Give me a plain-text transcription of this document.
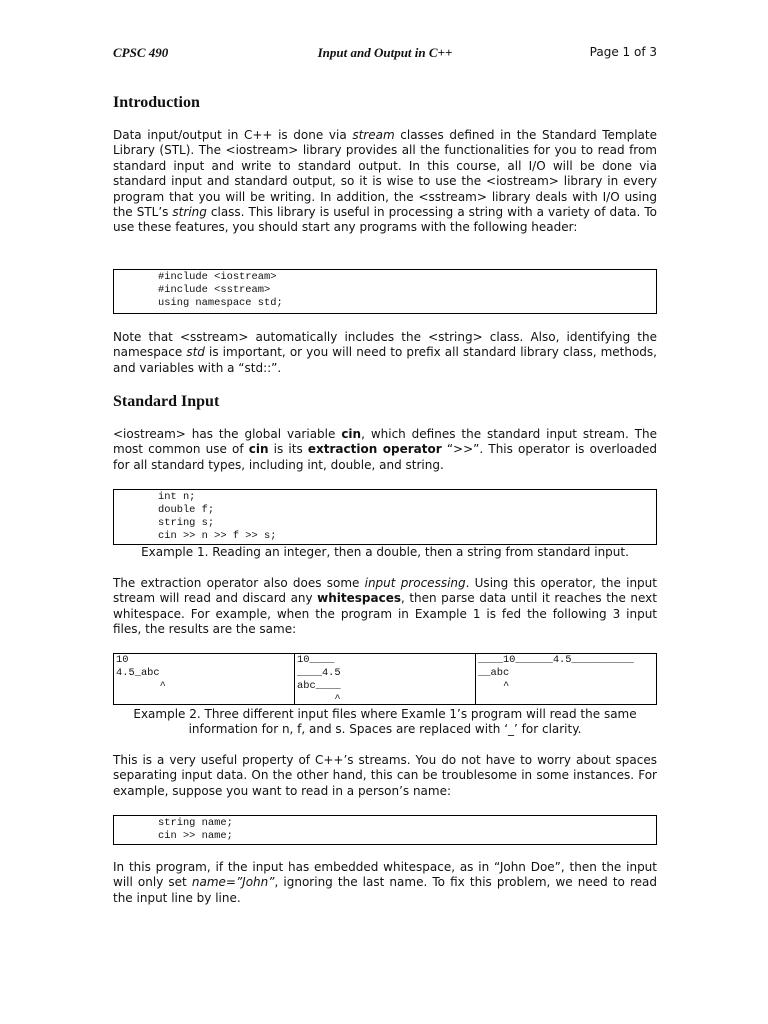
CPSC 490	Input and Output in C++	Page 1 of 3
Introduction

Data input/output in C++ is done via stream classes defined in the Standard Template Library (STL). The <iostream> library provides all the functionalities for you to read from standard input and write to standard output. In this course, all I/O will be done via standard input and standard output, so it is wise to use the <iostream> library in every program that you will be writing. In addition, the <sstream> library deals with I/O using the STL’s string class. This library is useful in processing a string with a variety of data. To use these features, you should start any programs with the following header:

#include <iostream>
#include <sstream>
using namespace std;

Note that <sstream> automatically includes the <string> class. Also, identifying the namespace std is important, or you will need to prefix all standard library class, methods, and variables with a “std::”.

Standard Input

<iostream> has the global variable cin, which defines the standard input stream. The most common use of cin is its extraction operator “>>”. This operator is overloaded for all standard types, including int, double, and string.

int n;
double f;
string s;
cin >> n >> f >> s;
Example 1. Reading an integer, then a double, then a string from standard input.

The extraction operator also does some input processing. Using this operator, the input stream will read and discard any whitespaces, then parse data until it reaches the next whitespace. For example, when the program in Example 1 is fed the following 3 input files, the results are the same:

10
4.5_abc
^
10____
____4.5
abc____
^
____10______4.5__________
__abc
^
Example 2. Three different input files where Examle 1’s program will read the same
information for n, f, and s. Spaces are replaced with ‘_’ for clarity.

This is a very useful property of C++’s streams. You do not have to worry about spaces separating input data. On the other hand, this can be troublesome in some instances. For example, suppose you want to read in a person’s name:

string name;
cin >> name;

In this program, if the input has embedded whitespace, as in “John Doe”, then the input will only set name=”John”, ignoring the last name. To fix this problem, we need to read the input line by line.
